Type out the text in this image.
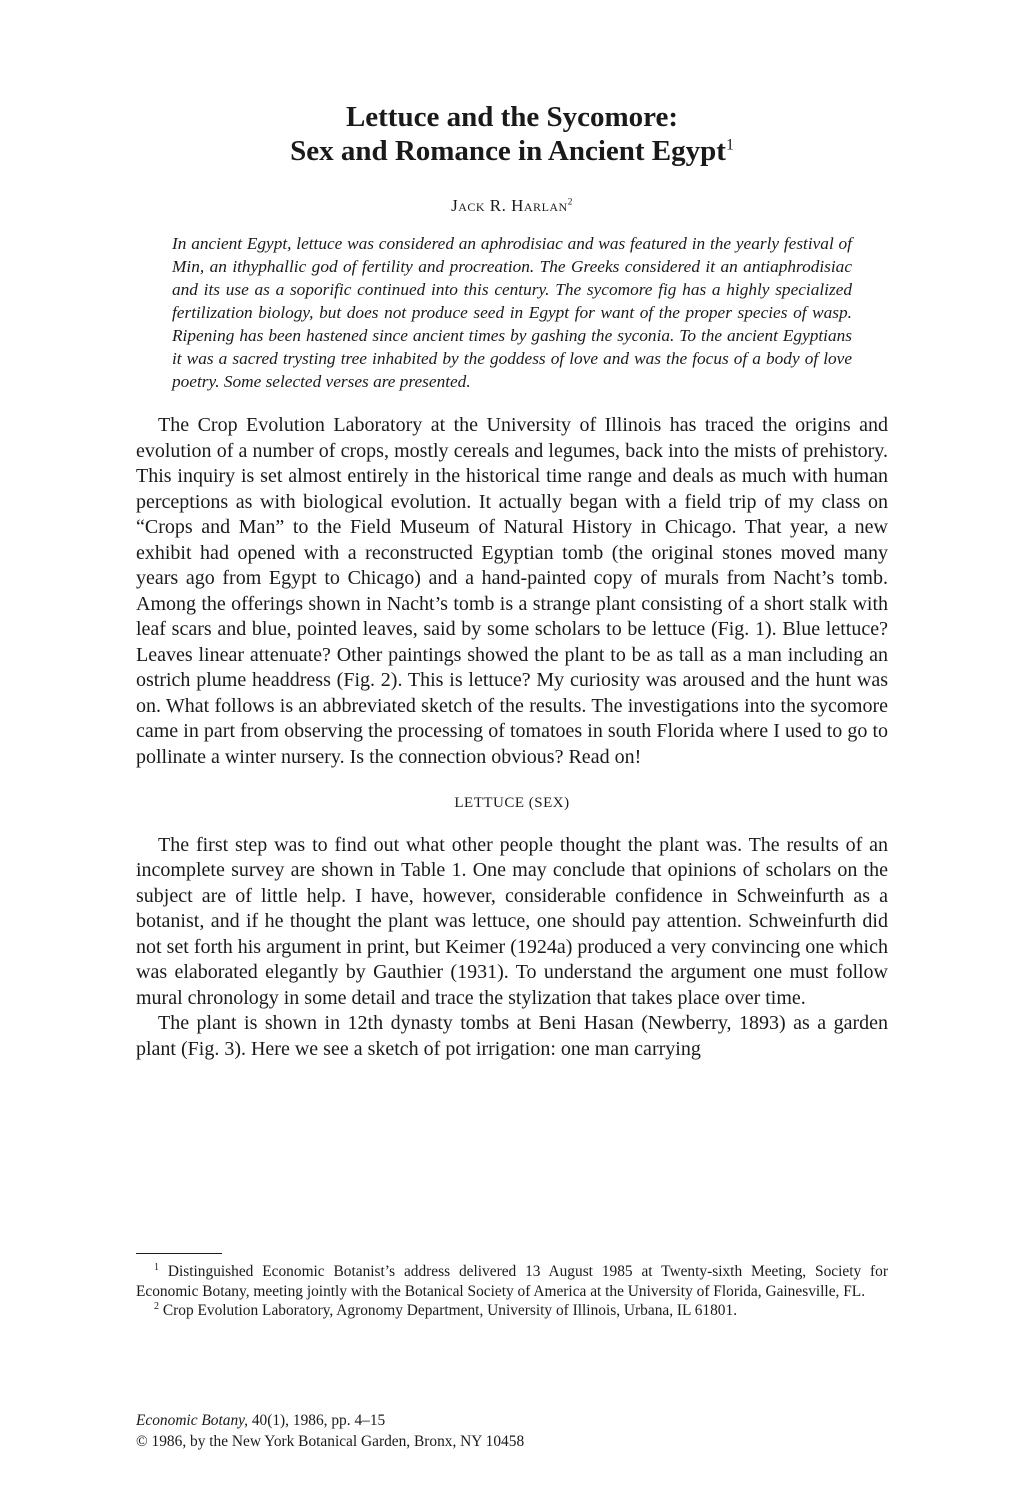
Lettuce and the Sycomore:
Sex and Romance in Ancient Egypt$^1$
Jack R. Harlan$^2$
In ancient Egypt, lettuce was considered an aphrodisiac and was featured in the yearly festival of Min, an ithyphallic god of fertility and procreation. The Greeks considered it an antiaphrodisiac and its use as a soporific continued into this century. The sycomore fig has a highly specialized fertilization biology, but does not produce seed in Egypt for want of the proper species of wasp. Ripening has been hastened since ancient times by gashing the syconia. To the ancient Egyptians it was a sacred trysting tree inhabited by the goddess of love and was the focus of a body of love poetry. Some selected verses are presented.

The Crop Evolution Laboratory at the University of Illinois has traced the origins and evolution of a number of crops, mostly cereals and legumes, back into the mists of prehistory. This inquiry is set almost entirely in the historical time range and deals as much with human perceptions as with biological evolution. It actually began with a field trip of my class on “Crops and Man” to the Field Museum of Natural History in Chicago. That year, a new exhibit had opened with a reconstructed Egyptian tomb (the original stones moved many years ago from Egypt to Chicago) and a hand-painted copy of murals from Nacht’s tomb. Among the offerings shown in Nacht’s tomb is a strange plant consisting of a short stalk with leaf scars and blue, pointed leaves, said by some scholars to be lettuce (Fig. 1). Blue lettuce? Leaves linear attenuate? Other paintings showed the plant to be as tall as a man including an ostrich plume headdress (Fig. 2). This is lettuce? My curiosity was aroused and the hunt was on. What follows is an abbreviated sketch of the results. The investigations into the sycomore came in part from observing the processing of tomatoes in south Florida where I used to go to pollinate a winter nursery. Is the connection obvious? Read on!

LETTUCE (SEX)

The first step was to find out what other people thought the plant was. The results of an incomplete survey are shown in Table 1. One may conclude that opinions of scholars on the subject are of little help. I have, however, considerable confidence in Schweinfurth as a botanist, and if he thought the plant was lettuce, one should pay attention. Schweinfurth did not set forth his argument in print, but Keimer (1924a) produced a very convincing one which was elaborated elegantly by Gauthier (1931). To understand the argument one must follow mural chronology in some detail and trace the stylization that takes place over time.

The plant is shown in 12th dynasty tombs at Beni Hasan (Newberry, 1893) as a garden plant (Fig. 3). Here we see a sketch of pot irrigation: one man carrying

$^1$ Distinguished Economic Botanist’s address delivered 13 August 1985 at Twenty-sixth Meeting, Society for Economic Botany, meeting jointly with the Botanical Society of America at the University of Florida, Gainesville, FL.

$^2$ Crop Evolution Laboratory, Agronomy Department, University of Illinois, Urbana, IL 61801.

Economic Botany, 40(1), 1986, pp. 4–15
© 1986, by the New York Botanical Garden, Bronx, NY 10458
